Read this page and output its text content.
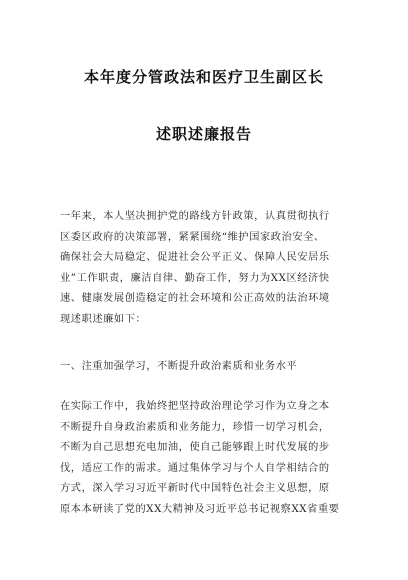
本年度分管政法和医疗卫生副区长
述职述廉报告
一年来，本人坚决拥护党的路线方针政策，认真贯彻执行
区委区政府的决策部署，紧紧围绕“维护国家政治安全、
确保社会大局稳定、促进社会公平正义、保障人民安居乐
业”工作职责，廉洁自律、勤奋工作，努力为XX区经济快
速、健康发展创造稳定的社会环境和公正高效的法治环境
现述职述廉如下：
一、注重加强学习，不断提升政治素质和业务水平
在实际工作中，我始终把坚持政治理论学习作为立身之本
不断提升自身政治素质和业务能力，珍惜一切学习机会，
不断为自己思想充电加油，使自己能够跟上时代发展的步
伐，适应工作的需求。通过集体学习与个人自学相结合的
方式，深入学习习近平新时代中国特色社会主义思想，原
原本本研读了党的XX大精神及习近平总书记视察XX省重要
